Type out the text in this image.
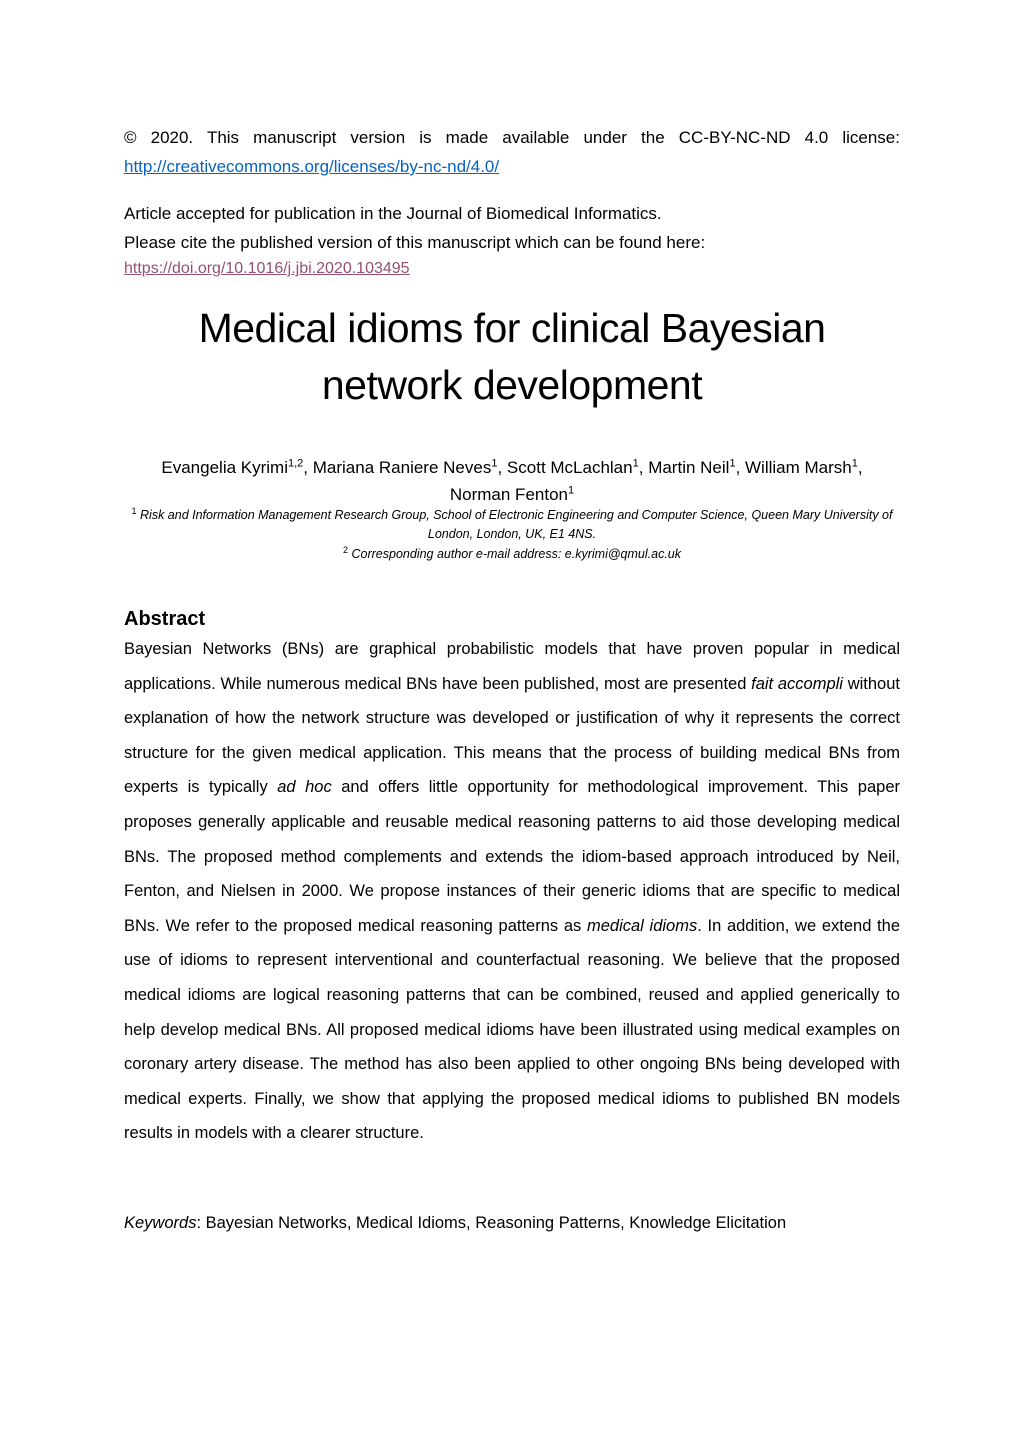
© 2020. This manuscript version is made available under the CC-BY-NC-ND 4.0 license:
http://creativecommons.org/licenses/by-nc-nd/4.0/
Article accepted for publication in the Journal of Biomedical Informatics.
Please cite the published version of this manuscript which can be found here:
https://doi.org/10.1016/j.jbi.2020.103495
Medical idioms for clinical Bayesian
network development
Evangelia Kyrimi$^{1,2}$, Mariana Raniere Neves$^1$, Scott McLachlan$^1$, Martin Neil$^1$, William Marsh$^1$,
Norman Fenton$^1$
$^1$ Risk and Information Management Research Group, School of Electronic Engineering and Computer Science, Queen Mary University of London, London, UK, E1 4NS.
$^2$ Corresponding author e-mail address: e.kyrimi@qmul.ac.uk
Abstract

Bayesian Networks (BNs) are graphical probabilistic models that have proven popular in medical applications. While numerous medical BNs have been published, most are presented fait accompli without explanation of how the network structure was developed or justification of why it represents the correct structure for the given medical application. This means that the process of building medical BNs from experts is typically ad hoc and offers little opportunity for methodological improvement. This paper proposes generally applicable and reusable medical reasoning patterns to aid those developing medical BNs. The proposed method complements and extends the idiom-based approach introduced by Neil, Fenton, and Nielsen in 2000. We propose instances of their generic idioms that are specific to medical BNs. We refer to the proposed medical reasoning patterns as medical idioms. In addition, we extend the use of idioms to represent interventional and counterfactual reasoning. We believe that the proposed medical idioms are logical reasoning patterns that can be combined, reused and applied generically to help develop medical BNs. All proposed medical idioms have been illustrated using medical examples on coronary artery disease. The method has also been applied to other ongoing BNs being developed with medical experts. Finally, we show that applying the proposed medical idioms to published BN models results in models with a clearer structure.

Keywords: Bayesian Networks, Medical Idioms, Reasoning Patterns, Knowledge Elicitation
